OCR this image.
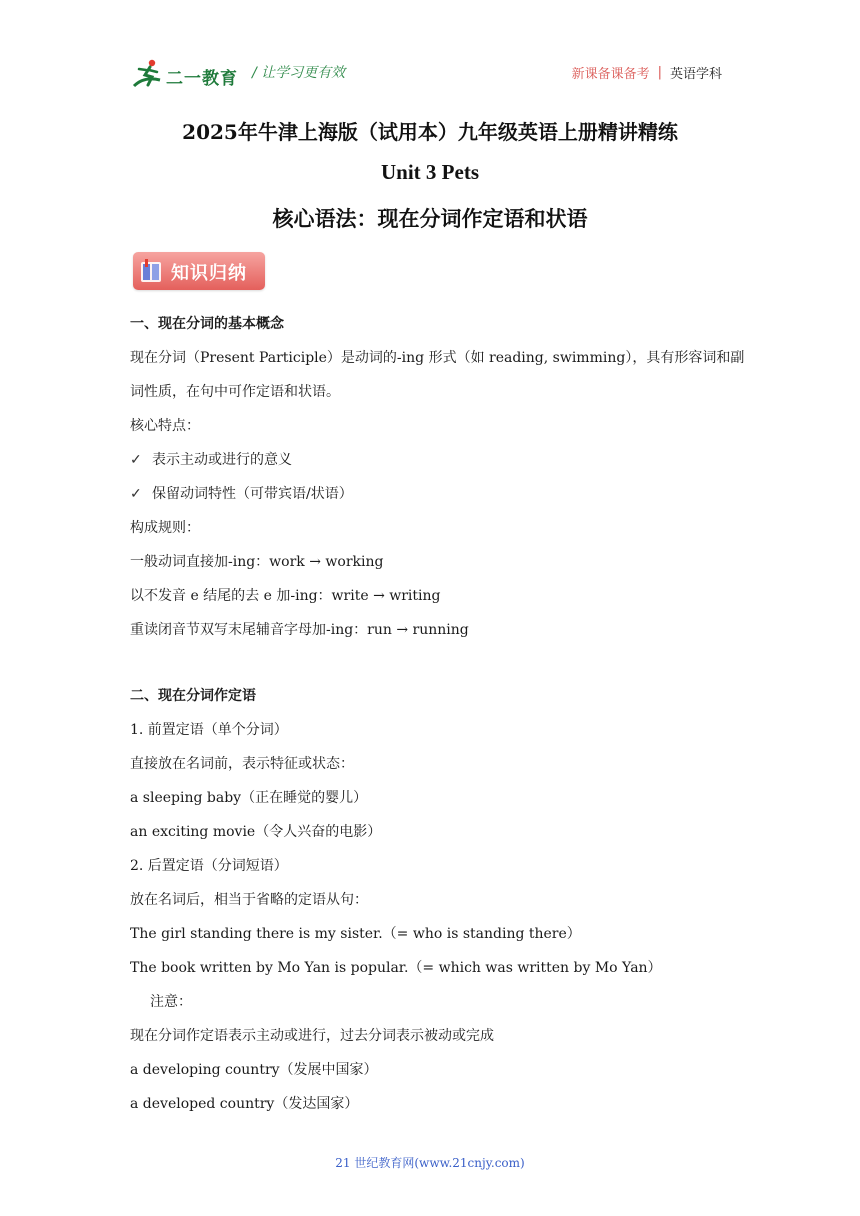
二一教育 / 让学习更有效	新课备课备考 | 英语学科
2025年牛津上海版（试用本）九年级英语上册精讲精练
Unit 3 Pets
核心语法：现在分词作定语和状语
知识归纳
一、现在分词的基本概念
现在分词（Present Participle）是动词的-ing 形式（如 reading, swimming），具有形容词和副
词性质，在句中可作定语和状语。
核心特点：
✓ 表示主动或进行的意义
✓ 保留动词特性（可带宾语/状语）
构成规则：
一般动词直接加-ing：work → working
以不发音 e 结尾的去 e 加-ing：write → writing
重读闭音节双写末尾辅音字母加-ing：run → running
二、现在分词作定语
1. 前置定语（单个分词）
直接放在名词前，表示特征或状态：
a sleeping baby（正在睡觉的婴儿）
an exciting movie（令人兴奋的电影）
2. 后置定语（分词短语）
放在名词后，相当于省略的定语从句：
The girl standing there is my sister.（= who is standing there）
The book written by Mo Yan is popular.（= which was written by Mo Yan）
注意：
现在分词作定语表示主动或进行，过去分词表示被动或完成
a developing country（发展中国家）
a developed country（发达国家）
21 世纪教育网(www.21cnjy.com)
